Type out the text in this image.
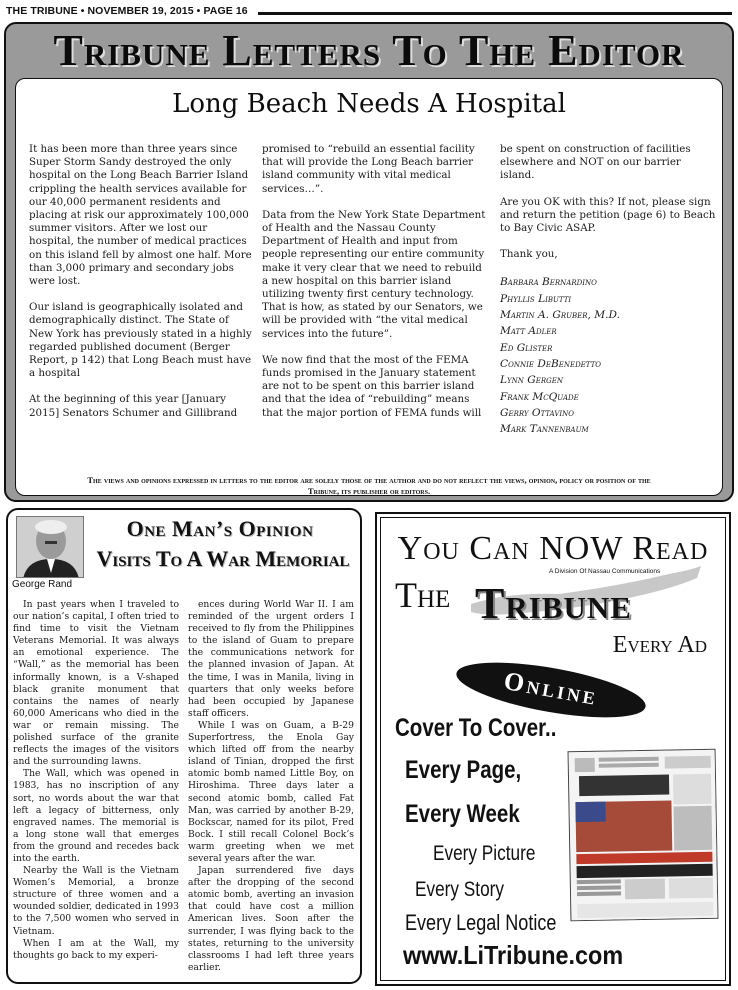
THE TRIBUNE • NOVEMBER 19, 2015 • PAGE 16
Tribune Letters To The Editor
Long Beach Needs A Hospital

It has been more than three years since Super Storm Sandy destroyed the only hospital on the Long Beach Barrier Island crippling the health services available for our 40,000 permanent residents and placing at risk our approximately 100,000 summer visitors. After we lost our hospital, the number of medical practices on this island fell by almost one half. More than 3,000 primary and secondary jobs were lost.

Our island is geographically isolated and demographically distinct. The State of New York has previously stated in a highly regarded published document (Berger Report, p 142) that Long Beach must have a hospital

At the beginning of this year [January 2015] Senators Schumer and Gillibrand

promised to “rebuild an essential facility that will provide the Long Beach barrier island community with vital medical services…”.

Data from the New York State Department of Health and the Nassau County Department of Health and input from people representing our entire community make it very clear that we need to rebuild a new hospital on this barrier island utilizing twenty first century technology. That is how, as stated by our Senators, we will be provided with “the vital medical services into the future”.

We now find that the most of the FEMA funds promised in the January statement are not to be spent on this barrier island and that the idea of “rebuilding” means that the major portion of FEMA funds will

be spent on construction of facilities elsewhere and NOT on our barrier island.

Are you OK with this? If not, please sign and return the petition (page 6) to Beach to Bay Civic ASAP.

Thank you,

Barbara Bernardino
Phyllis Libutti
Martin A. Gruber, M.D.
Matt Adler
Ed Glister
Connie DeBenedetto
Lynn Gergen
Frank McQuade
Gerry Ottavino
Mark Tannenbaum
The views and opinions expressed in letters to the editor are solely those of the author and do not reflect the views, opinion, policy or position of the Tribune, its publisher or editors.
George Rand
One Man’s Opinion
Visits To A War Memorial

In past years when I traveled to our nation’s capital, I often tried to find time to visit the Vietnam Veterans Memorial. It was always an emotional experience. The “Wall,” as the memorial has been informally known, is a V-shaped black granite monument that contains the names of nearly 60,000 Americans who died in the war or remain missing. The polished surface of the granite reflects the images of the visitors and the surrounding lawns.

The Wall, which was opened in 1983, has no inscription of any sort, no words about the war that left a legacy of bitterness, only engraved names. The memorial is a long stone wall that emerges from the ground and recedes back into the earth.

Nearby the Wall is the Vietnam Women’s Memorial, a bronze structure of three women and a wounded soldier, dedicated in 1993 to the 7,500 women who served in Vietnam.

When I am at the Wall, my thoughts go back to my experi-

ences during World War II. I am reminded of the urgent orders I received to fly from the Philippines to the island of Guam to prepare the communications network for the planned invasion of Japan. At the time, I was in Manila, living in quarters that only weeks before had been occupied by Japanese staff officers.

While I was on Guam, a B-29 Superfortress, the Enola Gay which lifted off from the nearby island of Tinian, dropped the first atomic bomb named Little Boy, on Hiroshima. Three days later a second atomic bomb, called Fat Man, was carried by another B-29, Bockscar, named for its pilot, Fred Bock. I still recall Colonel Bock’s warm greeting when we met several years after the war.

Japan surrendered five days after the dropping of the second atomic bomb, averting an invasion that could have cost a million American lives. Soon after the surrender, I was flying back to the states, returning to the university classrooms I had left three years earlier.

You Can NOW Read
The
A Division Of Nassau Communications
Tribune
Every Ad
Online
Cover To Cover..
Every Page,
Every Week
Every Picture
Every Story
Every Legal Notice
www.LiTribune.com
